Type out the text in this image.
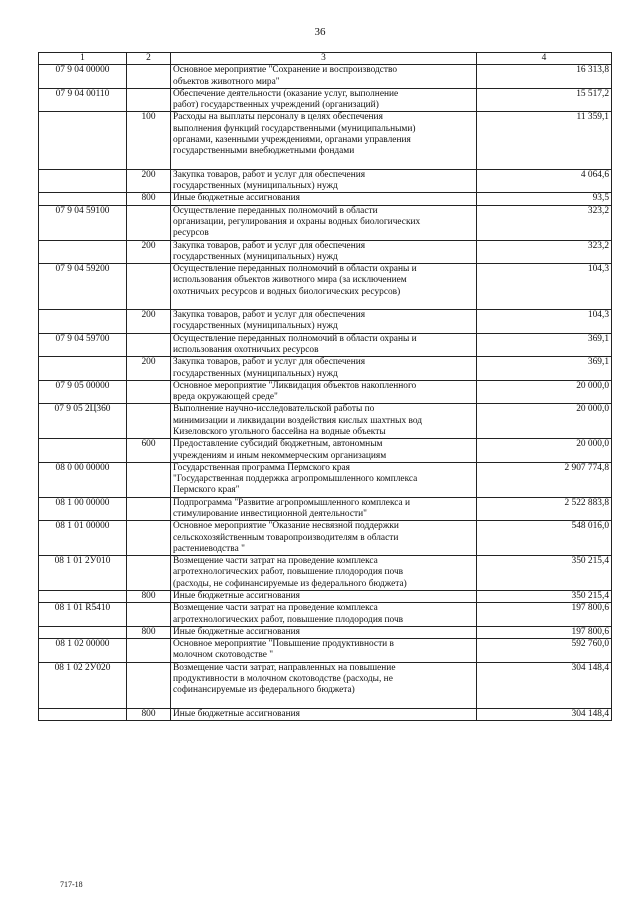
36
1	2	3	4
07 9 04 00000		Основное мероприятие "Сохранение и воспроизводство
объектов животного мира"	16 313,8
07 9 04 00110		Обеспечение деятельности (оказание услуг, выполнение
работ) государственных учреждений (организаций)	15 517,2
	100	Расходы на выплаты персоналу в целях обеспечения
выполнения функций государственными (муниципальными)
органами, казенными учреждениями, органами управления
государственными внебюджетными фондами	11 359,1
	200	Закупка товаров, работ и услуг для обеспечения
государственных (муниципальных) нужд	4 064,6
	800	Иные бюджетные ассигнования	93,5
07 9 04 59100		Осуществление переданных полномочий в области
организации, регулирования и охраны водных биологических
ресурсов	323,2
	200	Закупка товаров, работ и услуг для обеспечения
государственных (муниципальных) нужд	323,2
07 9 04 59200		Осуществление переданных полномочий в области охраны и
использования объектов животного мира (за исключением
охотничьих ресурсов и водных биологических ресурсов)	104,3
	200	Закупка товаров, работ и услуг для обеспечения
государственных (муниципальных) нужд	104,3
07 9 04 59700		Осуществление переданных полномочий в области охраны и
использования охотничьих ресурсов	369,1
	200	Закупка товаров, работ и услуг для обеспечения
государственных (муниципальных) нужд	369,1
07 9 05 00000		Основное мероприятие "Ликвидация объектов накопленного
вреда окружающей среде"	20 000,0
07 9 05 2Ц360		Выполнение научно-исследовательской работы по
минимизации и ликвидации воздействия кислых шахтных вод
Кизеловского угольного бассейна на водные объекты	20 000,0
	600	Предоставление субсидий бюджетным, автономным
учреждениям и иным некоммерческим организациям	20 000,0
08 0 00 00000		Государственная программа Пермского края
"Государственная поддержка агропромышленного комплекса
Пермского края"	2 907 774,8
08 1 00 00000		Подпрограмма "Развитие агропромышленного комплекса и
стимулирование инвестиционной деятельности"	2 522 883,8
08 1 01 00000		Основное мероприятие "Оказание несвязной поддержки
сельскохозяйственным товаропроизводителям в области
растениеводства "	548 016,0
08 1 01 2У010		Возмещение части затрат на проведение комплекса
агротехнологических работ, повышение плодородия почв
(расходы, не софинансируемые из федерального бюджета)	350 215,4
	800	Иные бюджетные ассигнования	350 215,4
08 1 01 R5410		Возмещение части затрат на проведение комплекса
агротехнологических работ, повышение плодородия почв	197 800,6
	800	Иные бюджетные ассигнования	197 800,6
08 1 02 00000		Основное мероприятие "Повышение продуктивности в
молочном скотоводстве "	592 760,0
08 1 02 2У020		Возмещение части затрат, направленных на повышение
продуктивности в молочном скотоводстве (расходы, не
софинансируемые из федерального бюджета)	304 148,4
	800	Иные бюджетные ассигнования	304 148,4
717-18
